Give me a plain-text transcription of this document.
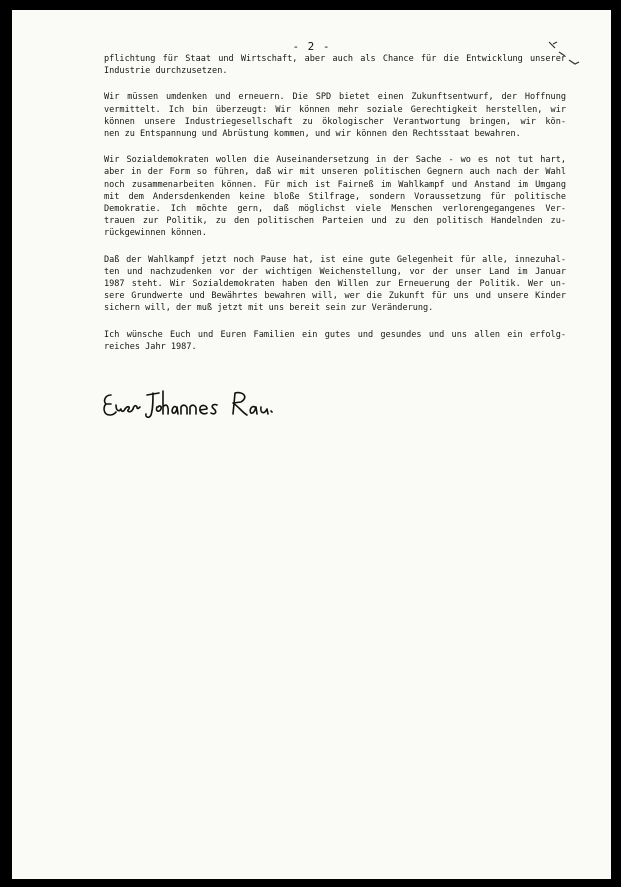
- 2 -
pflichtung für Staat und Wirtschaft, aber auch als Chance für die Entwicklung unserer
Industrie durchzusetzen.
Wir müssen umdenken und erneuern. Die SPD bietet einen Zukunftsentwurf, der Hoffnung
vermittelt. Ich bin überzeugt: Wir können mehr soziale Gerechtigkeit herstellen, wir
können unsere Industriegesellschaft zu ökologischer Verantwortung bringen, wir kön-
nen zu Entspannung und Abrüstung kommen, und wir können den Rechtsstaat bewahren.
Wir Sozialdemokraten wollen die Auseinandersetzung in der Sache - wo es not tut hart,
aber in der Form so führen, daß wir mit unseren politischen Gegnern auch nach der Wahl
noch zusammenarbeiten können. Für mich ist Fairneß im Wahlkampf und Anstand im Umgang
mit dem Andersdenkenden keine bloße Stilfrage, sondern Voraussetzung für politische
Demokratie. Ich möchte gern, daß möglichst viele Menschen verlorengegangenes Ver-
trauen zur Politik, zu den politischen Parteien und zu den politisch Handelnden zu-
rückgewinnen können.
Daß der Wahlkampf jetzt noch Pause hat, ist eine gute Gelegenheit für alle, innezuhal-
ten und nachzudenken vor der wichtigen Weichenstellung, vor der unser Land im Januar
1987 steht. Wir Sozialdemokraten haben den Willen zur Erneuerung der Politik. Wer un-
sere Grundwerte und Bewährtes bewahren will, wer die Zukunft für uns und unsere Kinder
sichern will, der muß jetzt mit uns bereit sein zur Veränderung.
Ich wünsche Euch und Euren Familien ein gutes und gesundes und uns allen ein erfolg-
reiches Jahr 1987.
